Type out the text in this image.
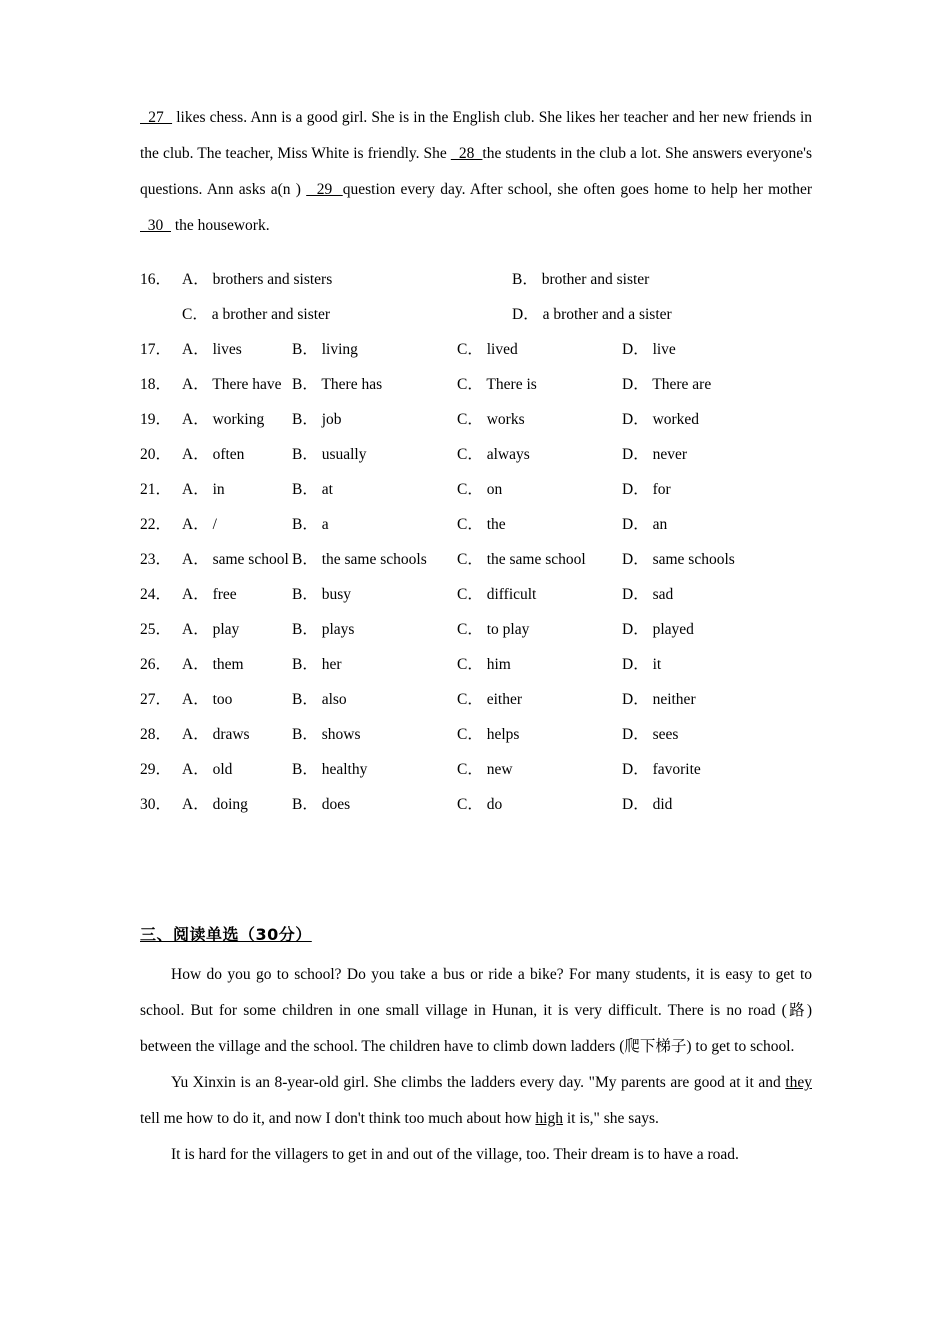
27   likes chess. Ann is a good girl. She is in the English club. She likes her teacher and her new friends in the club. The teacher, Miss White is friendly. She   28  the students in the club a lot. She answers everyone's questions. Ann asks a(n )   29  question every day. After school, she often goes home to help her mother   30   the housework.

16． A． brothers and sisters	B． brother and sister

C． a brother and sister	D． a brother and a sister
17． A． lives	B． living	C． lived	D． live
18． A． There have B． There has	C． There is	D． There are
19． A． working	B． job	C． works	D． worked
20． A． often	B． usually	C． always	D． never
21． A． in	B． at	C． on	D． for
22． A． /	B． a	C． the	D． an
23． A． same school B． the same schools	C． the same school	D． same schools
24． A． free	B． busy	C． difficult	D． sad
25． A． play	B． plays	C． to play	D． played
26． A． them	B． her	C． him	D． it
27． A． too	B． also	C． either	D． neither
28． A． draws	B． shows	C． helps	D． sees
29． A． old	B． healthy	C． new	D． favorite
30． A． doing	B． does	C． do	D． did
三、阅读单选（30分）

How do you go to school? Do you take a bus or ride a bike? For many students, it is easy to get to school. But for some children in one small village in Hunan, it is very difficult. There is no road (路) between the village and the school. The children have to climb down ladders (爬下梯子) to get to school.

Yu Xinxin is an 8-year-old girl. She climbs the ladders every day. "My parents are good at it and they tell me how to do it, and now I don't think too much about how high it is," she says.

It is hard for the villagers to get in and out of the village, too. Their dream is to have a road.
